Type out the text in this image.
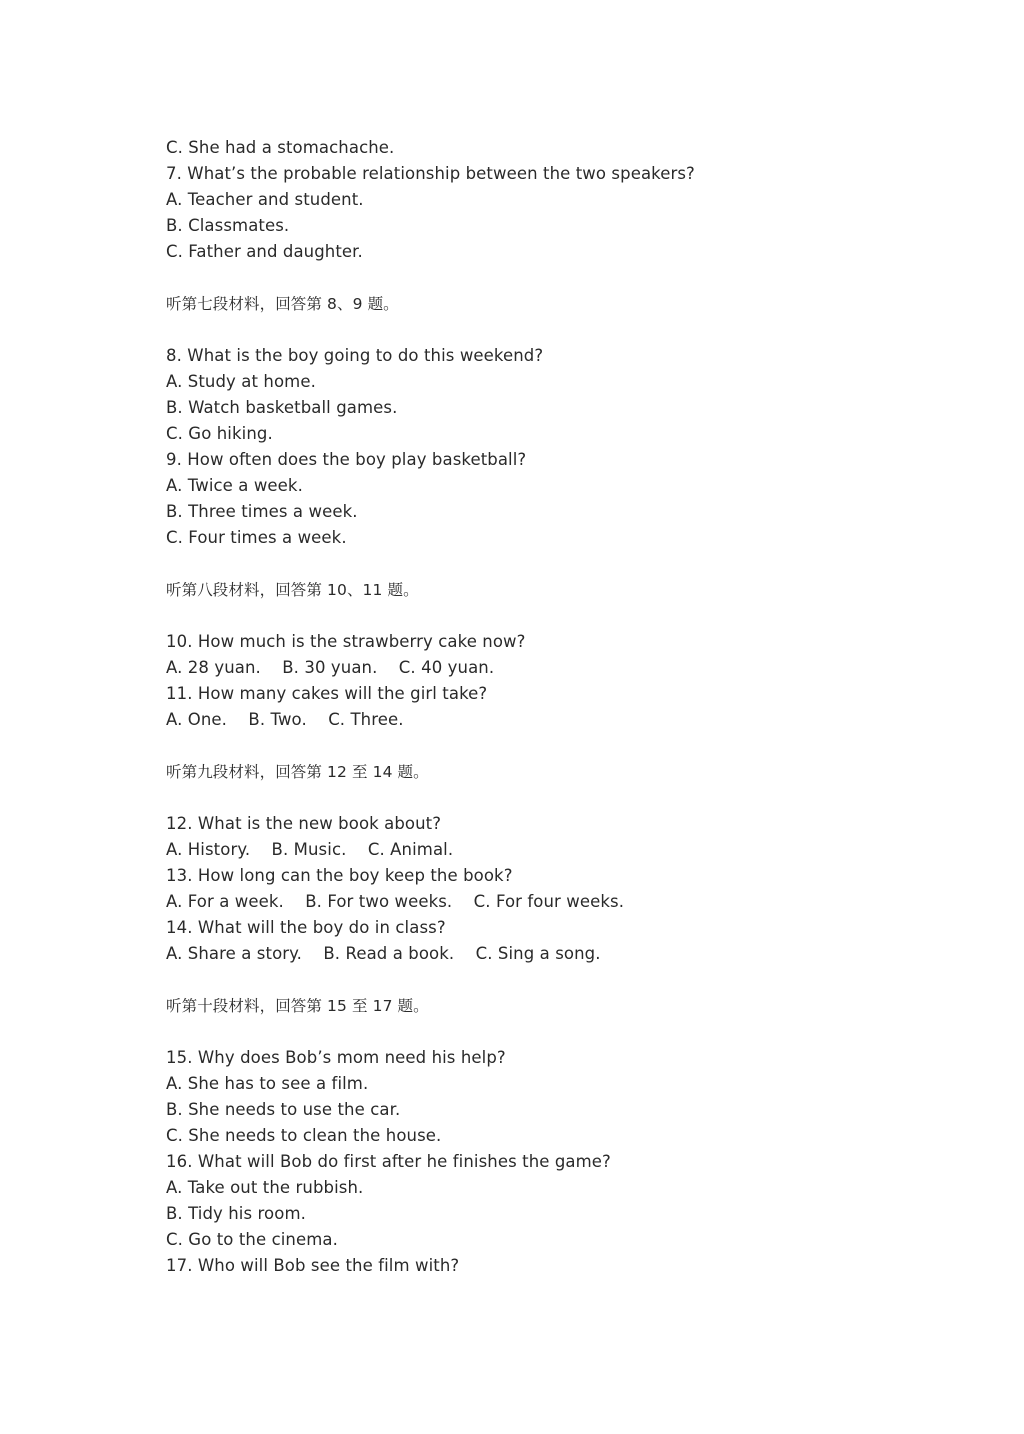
C. She had a stomachache.
7. What’s the probable relationship between the two speakers?
A. Teacher and student.
B. Classmates.
C. Father and daughter.
听第七段材料，回答第 8、9 题。
8. What is the boy going to do this weekend?
A. Study at home.
B. Watch basketball games.
C. Go hiking.
9. How often does the boy play basketball?
A. Twice a week.
B. Three times a week.
C. Four times a week.
听第八段材料，回答第 10、11 题。
10. How much is the strawberry cake now?
A. 28 yuan.    B. 30 yuan.    C. 40 yuan.
11. How many cakes will the girl take?
A. One.    B. Two.    C. Three.
听第九段材料，回答第 12 至 14 题。
12. What is the new book about?
A. History.    B. Music.    C. Animal.
13. How long can the boy keep the book?
A. For a week.    B. For two weeks.    C. For four weeks.
14. What will the boy do in class?
A. Share a story.    B. Read a book.    C. Sing a song.
听第十段材料，回答第 15 至 17 题。
15. Why does Bob’s mom need his help?
A. She has to see a film.
B. She needs to use the car.
C. She needs to clean the house.
16. What will Bob do first after he finishes the game?
A. Take out the rubbish.
B. Tidy his room.
C. Go to the cinema.
17. Who will Bob see the film with?
